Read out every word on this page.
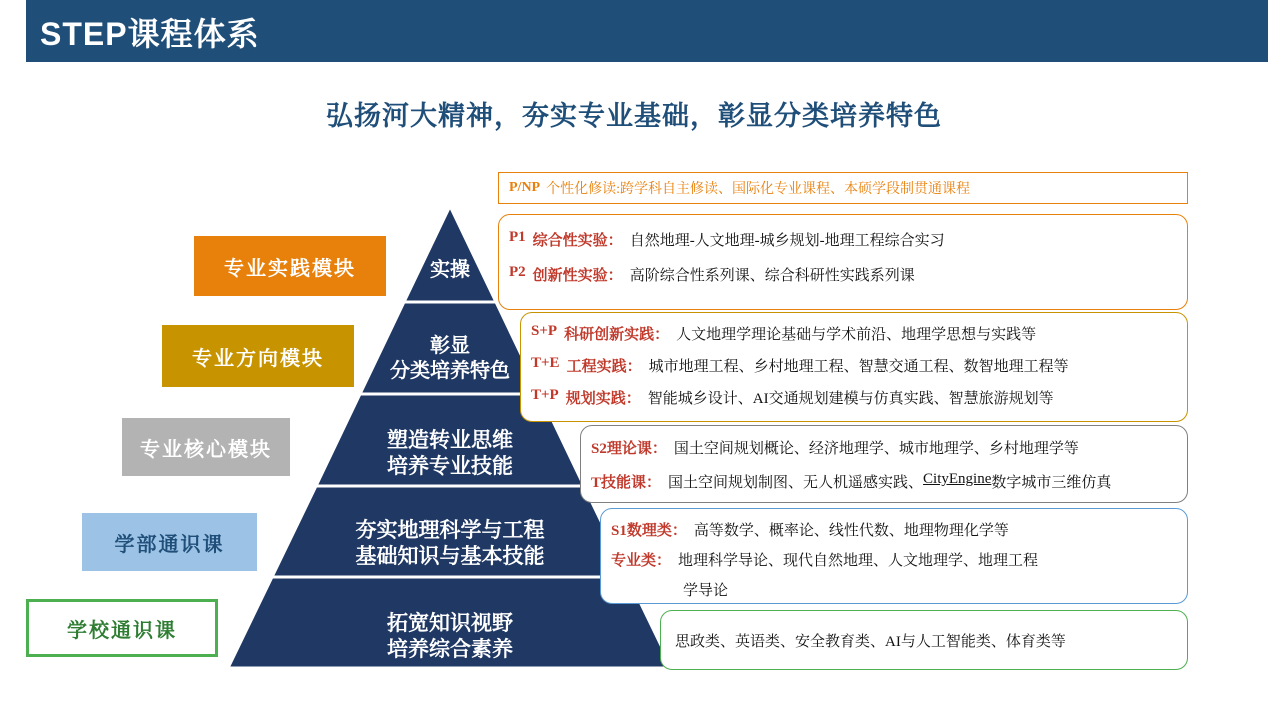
STEP课程体系
弘扬河大精神，夯实专业基础，彰显分类培养特色
专业实践模块
专业方向模块
专业核心模块
学部通识课
学校通识课
实操
彰显
分类培养特色
塑造转业思维
培养专业技能
夯实地理科学与工程
基础知识与基本技能
拓宽知识视野
培养综合素养
P/NP 个性化修读:跨学科自主修读、国际化专业课程、本硕学段制贯通课程
P1 综合性实验： 自然地理-人文地理-城乡规划-地理工程综合实习
P2 创新性实验： 高阶综合性系列课、综合科研性实践系列课
S+P 科研创新实践： 人文地理学理论基础与学术前沿、地理学思想与实践等
T+E 工程实践： 城市地理工程、乡村地理工程、智慧交通工程、数智地理工程等
T+P 规划实践： 智能城乡设计、AI交通规划建模与仿真实践、智慧旅游规划等
S2理论课： 国土空间规划概论、经济地理学、城市地理学、乡村地理学等
T技能课： 国土空间规划制图、无人机遥感实践、 CityEngine 数字城市三维仿真
S1数理类： 高等数学、概率论、线性代数、地理物理化学等
专业类： 地理科学导论、现代自然地理、人文地理学、地理工程
学导论
思政类、英语类、安全教育类、AI与人工智能类、体育类等
